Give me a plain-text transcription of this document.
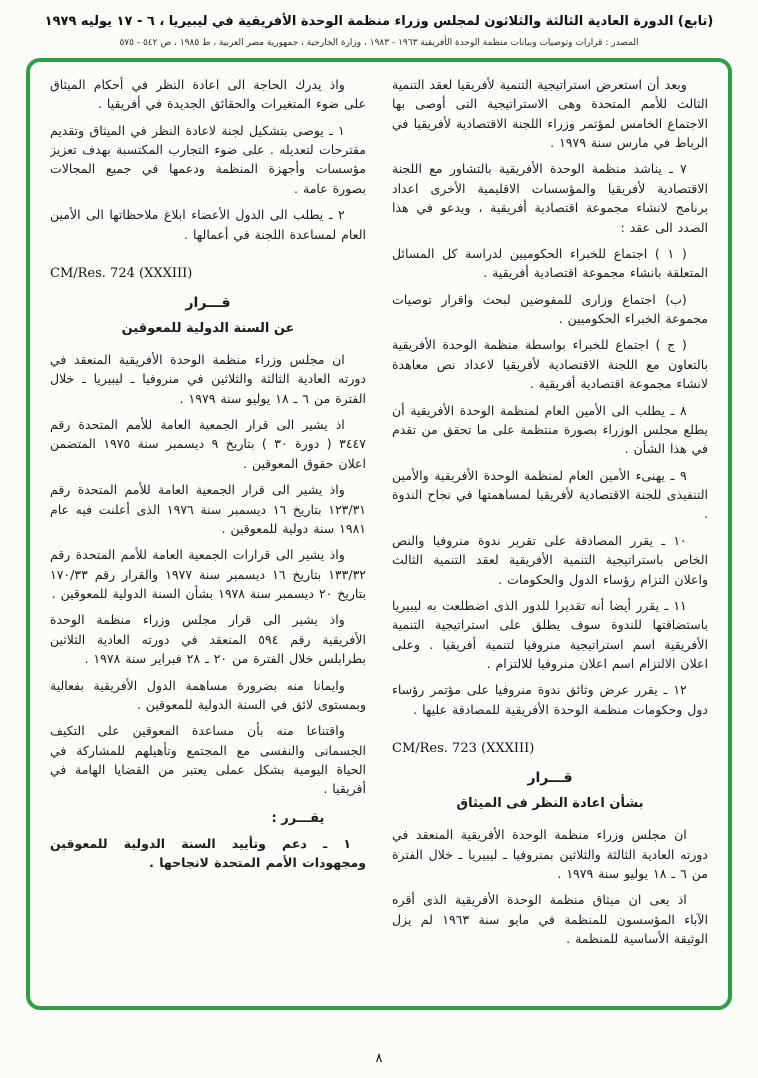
(تابع) الدورة العادية الثالثة والثلاثون لمجلس وزراء منظمة الوحدة الأفريقية في ليبيريا ، ٦ - ١٧ يوليه ١٩٧٩
المصدر : قرارات وتوصيات وبيانات منظمة الوحدة الأفريقية ١٩٦٣ - ١٩٨٣ ، وزارة الخارجية ، جمهورية مصر العربية ، ط ١٩٨٥ ، ص ٥٤٢ - ٥٧٥

وبعد أن استعرض استراتيجية التنمية لأفريقيا لعقد التنمية الثالث للأمم المتحدة وهى الاستراتيجية التى أوصى بها الاجتماع الخامس لمؤتمر وزراء اللجنة الاقتصادية لأفريقيا في الرباط في مارس سنة ١٩٧٩ .

٧ ـ يناشد منظمة الوحدة الأفريقية بالتشاور مع اللجنة الاقتصادية لأفريقيا والمؤسسات الاقليمية الأخرى اعداد برنامج لانشاء مجموعة اقتصادية أفريقية ، ويدعو في هذا الصدد الى عقد :

( ١ ) اجتماع للخبراء الحكوميين لدراسة كل المسائل المتعلقة بانشاء مجموعة اقتصادية أفريقية .

(ب) اجتماع وزارى للمفوضين لبحث واقرار توصيات مجموعة الخبراء الحكوميين .

( ج ) اجتماع للخبراء بواسطة منظمة الوحدة الأفريقية بالتعاون مع اللجنة الاقتصادية لأفريقيا لاعداد نص معاهدة لانشاء مجموعة اقتصادية أفريقية .

٨ ـ يطلب الى الأمين العام لمنظمة الوحدة الأفريقية أن يطلع مجلس الوزراء بصورة منتظمة على ما تحقق من تقدم في هذا الشأن .

٩ ـ يهنىء الأمين العام لمنظمة الوحدة الأفريقية والأمين التنفيذى للجنة الاقتصادية لأفريقيا لمساهمتها في نجاح الندوة .

١٠ ـ يقرر المصادقة على تقرير ندوة منروفيا والنص الخاص باستراتيجية التنمية الأفريقية لعقد التنمية الثالث واعلان التزام رؤساء الدول والحكومات .

١١ ـ يقرر أيضا أنه تقديرا للدور الذى اضطلعت به ليبيريا باستضافتها للندوة سوف يطلق على استراتيجية التنمية الأفريقية اسم استراتيجية منروفيا لتنمية أفريقيا . وعلى اعلان الالتزام اسم اعلان منروفيا للالتزام .

١٢ ـ يقرر عرض وثائق ندوة منروفيا على مؤتمر رؤساء دول وحكومات منظمة الوحدة الأفريقية للمصادقة عليها .

CM/Res. 723 (XXXIII)
قـــرار
بشأن اعادة النظر فى الميثاق

ان مجلس وزراء منظمة الوحدة الأفريقية المنعقد في دورته العادية الثالثة والثلاثين بمنروفيا ـ ليبيريا ـ خلال الفترة من ٦ ـ ١٨ يوليو سنة ١٩٧٩ .

اذ يعى ان ميثاق منظمة الوحدة الأفريقية الذى أقره الآباء المؤسسون للمنظمة في مايو سنة ١٩٦٣ لم يزل الوثيقة الأساسية للمنظمة .

واذ يدرك الحاجة الى اعادة النظر في أحكام الميثاق على ضوء المتغيرات والحقائق الجديدة في أفريقيا .

١ ـ يوصى بتشكيل لجنة لاعادة النظر في الميثاق وتقديم مقترحات لتعديله . على ضوء التجارب المكتسبة بهدف تعزيز مؤسسات وأجهزة المنظمة ودعمها في جميع المجالات بصورة عامة .

٢ ـ يطلب الى الدول الأعضاء ابلاغ ملاحظاتها الى الأمين العام لمساعدة اللجنة في أعمالها .

CM/Res. 724 (XXXIII)
قـــرار
عن السنة الدولية للمعوقين

ان مجلس وزراء منظمة الوحدة الأفريقية المنعقد في دورته العادية الثالثة والثلاثين في منروفيا ـ ليبيريا ـ خلال الفترة من ٦ ـ ١٨ يوليو سنة ١٩٧٩ .

اذ يشير الى قرار الجمعية العامة للأمم المتحدة رقم ٣٤٤٧ ( دورة ٣٠ ) بتاريخ ٩ ديسمبر سنة ١٩٧٥ المتضمن اعلان حقوق المعوقين .

واذ يشير الى قرار الجمعية العامة للأمم المتحدة رقم ١٢٣/٣١ بتاريخ ١٦ ديسمبر سنة ١٩٧٦ الذى أعلنت فيه عام ١٩٨١ سنة دولية للمعوقين .

واذ يشير الى قرارات الجمعية العامة للأمم المتحدة رقم ١٣٣/٣٢ بتاريخ ١٦ ديسمبر سنة ١٩٧٧ والقرار رقم ١٧٠/٣٣ بتاريخ ٢٠ ديسمبر سنة ١٩٧٨ بشأن السنة الدولية للمعوقين .

واذ يشير الى قرار مجلس وزراء منظمة الوحدة الأفريقية رقم ٥٩٤ المنعقد في دورته العادية الثلاثين بطرابلس خلال الفترة من ٢٠ ـ ٢٨ فبراير سنة ١٩٧٨ .

وايمانا منه بضرورة مساهمة الدول الأفريقية بفعالية وبمستوى لائق في السنة الدولية للمعوقين .

واقتناعا منه بأن مساعدة المعوقين على التكيف الجسمانى والنفسى مع المجتمع وتأهيلهم للمشاركة في الحياة اليومية بشكل عملى يعتبر من القضايا الهامة في أفريقيا .

يقـــرر :

١ ـ دعم وتأييد السنة الدولية للمعوقين ومجهودات الأمم المتحدة لانجاحها .

٨
